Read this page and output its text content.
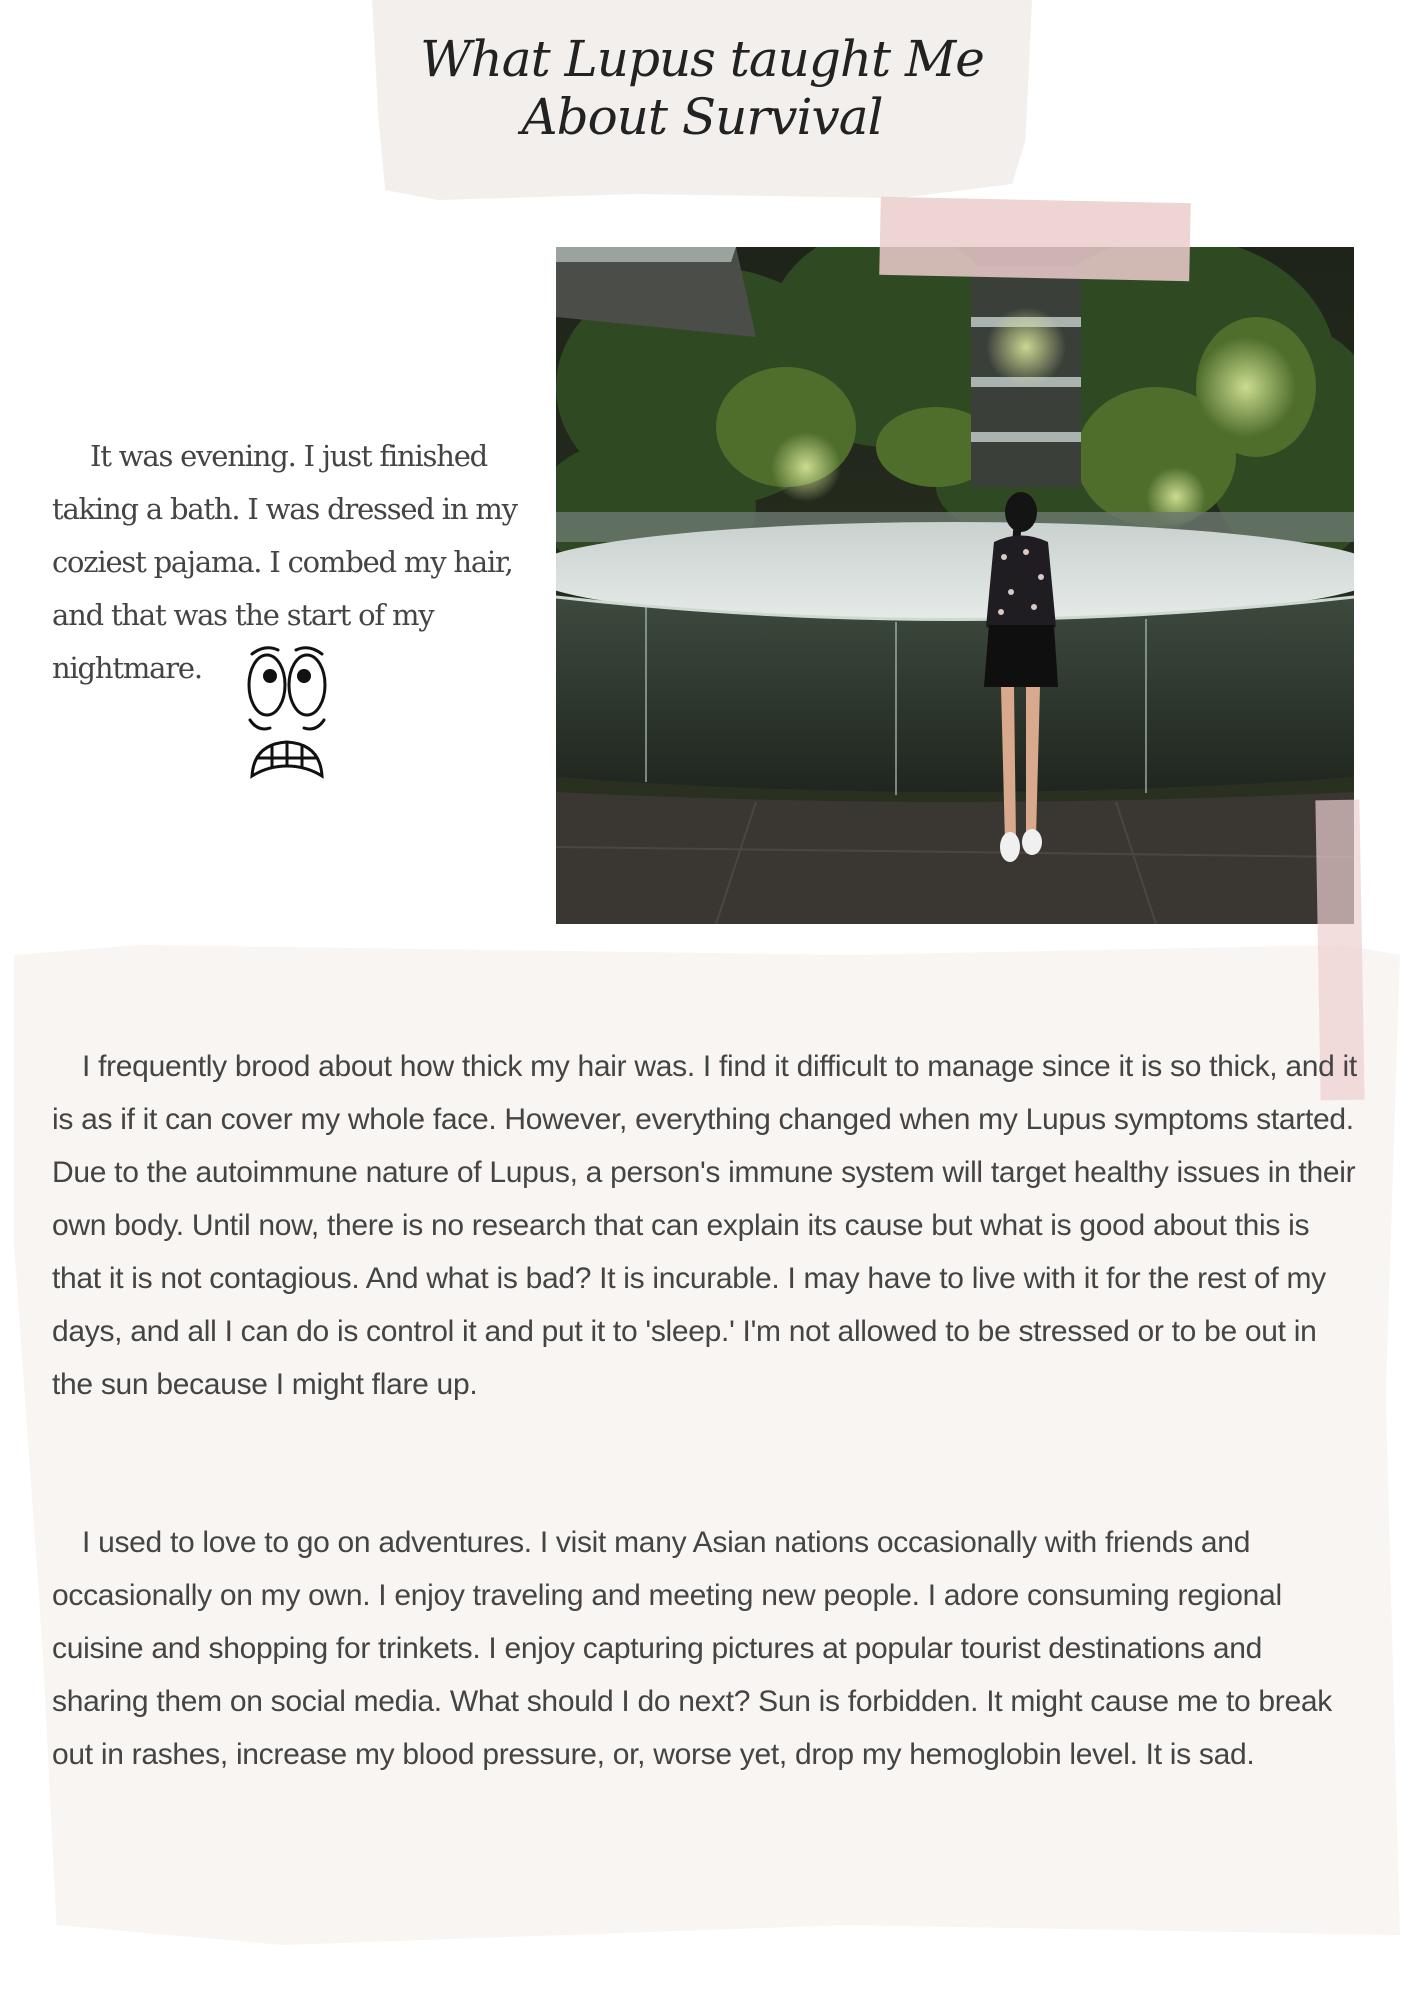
What Lupus taught Me
About Survival

It was evening. I just finished taking a bath. I was dressed in my coziest pajama. I combed my hair, and that was the start of my nightmare.

I frequently brood about how thick my hair was. I find it difficult to manage since it is so thick, and it is as if it can cover my whole face. However, everything changed when my Lupus symptoms started. Due to the autoimmune nature of Lupus, a person's immune system will target healthy issues in their own body. Until now, there is no research that can explain its cause but what is good about this is that it is not contagious. And what is bad? It is incurable. I may have to live with it for the rest of my days, and all I can do is control it and put it to 'sleep.' I'm not allowed to be stressed or to be out in the sun because I might flare up.

I used to love to go on adventures. I visit many Asian nations occasionally with friends and occasionally on my own. I enjoy traveling and meeting new people. I adore consuming regional cuisine and shopping for trinkets. I enjoy capturing pictures at popular tourist destinations and sharing them on social media. What should I do next? Sun is forbidden. It might cause me to break out in rashes, increase my blood pressure, or, worse yet, drop my hemoglobin level. It is sad.
